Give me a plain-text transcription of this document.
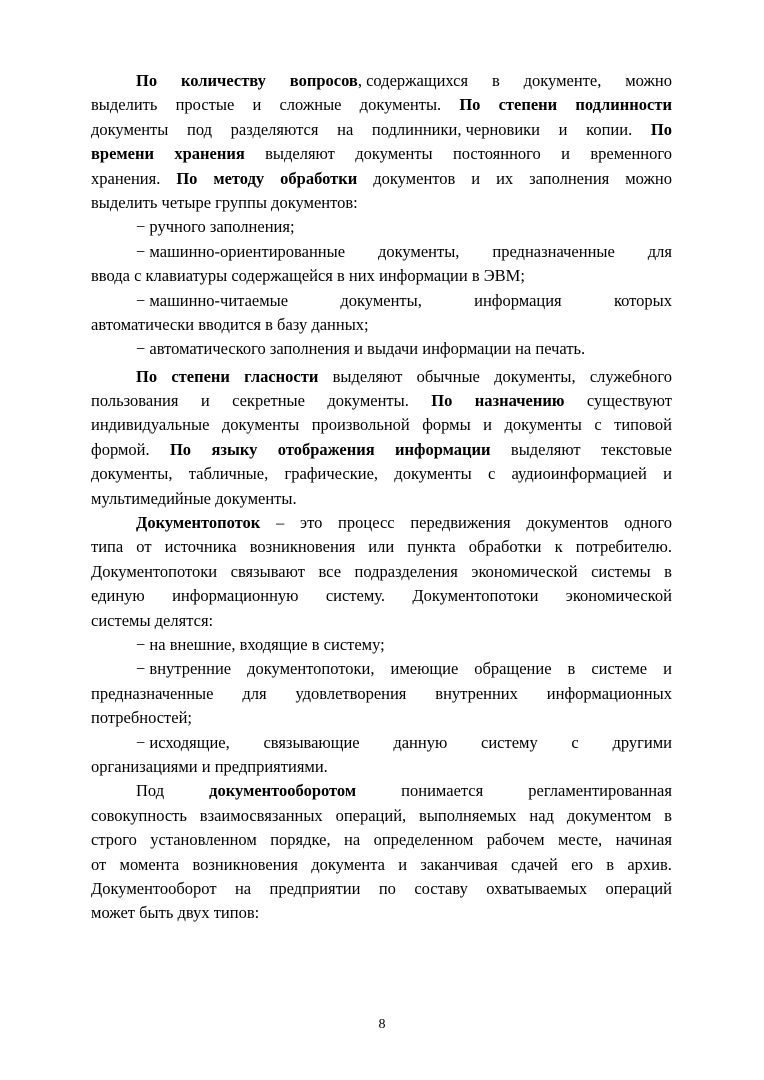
По количеству вопросов, содержащихся в документе, можно
выделить простые и сложные документы. По степени подлинности
документы под разделяются на подлинники, черновики и копии. По
времени хранения выделяют документы постоянного и временного
хранения. По методу обработки документов и их заполнения можно
выделить четыре группы документов:
− ручного заполнения;
− машинно-ориентированные документы, предназначенные для
ввода с клавиатуры содержащейся в них информации в ЭВМ;
− машинно-читаемые	документы,	информация	которых
автоматически вводится в базу данных;
− автоматического заполнения и выдачи информации на печать.
По степени гласности выделяют обычные документы, служебного
пользования и секретные документы. По назначению существуют
индивидуальные документы произвольной формы и документы с типовой
формой. По языку отображения информации выделяют текстовые
документы, табличные, графические, документы с аудиоинформацией и
мультимедийные документы.
Документопоток – это процесс передвижения документов одного
типа от источника возникновения или пункта обработки к потребителю.
Документопотоки связывают все подразделения экономической системы в
единую информационную систему. Документопотоки экономической
системы делятся:
− на внешние, входящие в систему;
− внутренние документопотоки, имеющие обращение в системе и
предназначенные для удовлетворения внутренних информационных
потребностей;
− исходящие, связывающие данную систему с другими
организациями и предприятиями.
Под	документооборотом	понимается	регламентированная
совокупность взаимосвязанных операций, выполняемых над документом в
строго установленном порядке, на определенном рабочем месте, начиная
от момента возникновения документа и заканчивая сдачей его в архив.
Документооборот на предприятии по составу охватываемых операций
может быть двух типов:
8
